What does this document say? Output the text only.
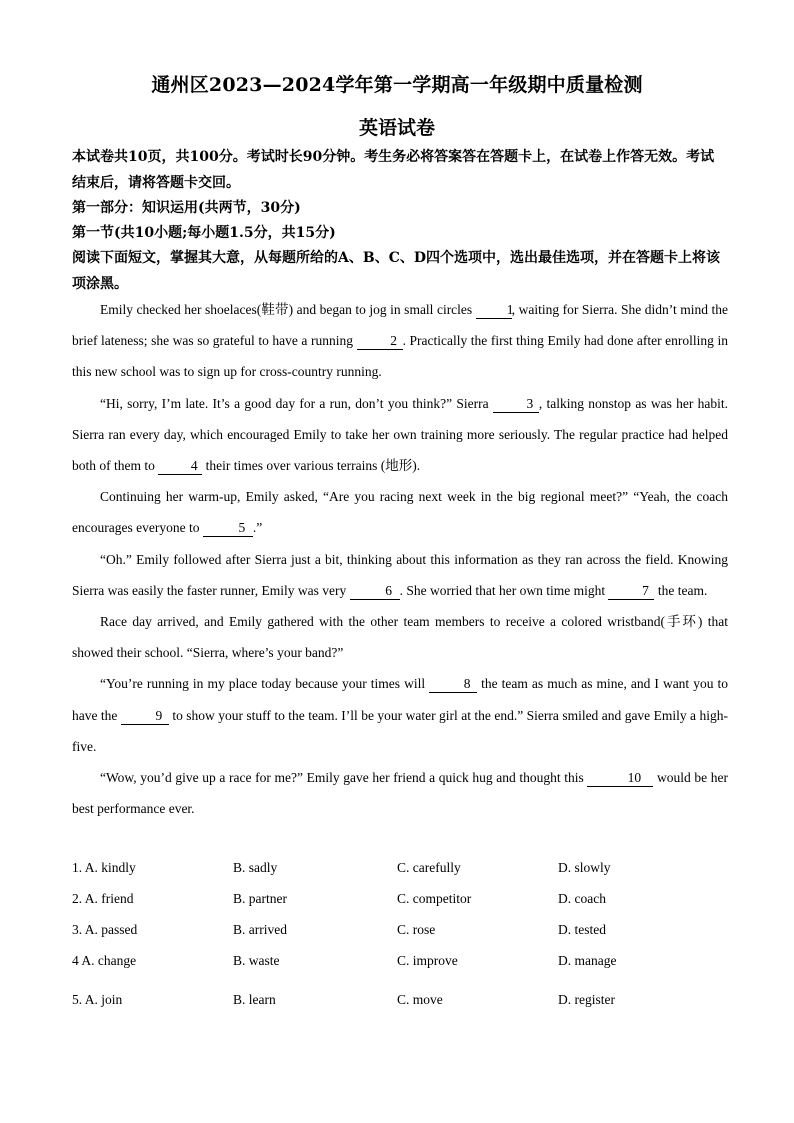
通州区2023—2024学年第一学期高一年级期中质量检测
英语试卷
本试卷共10页，共100分。考试时长90分钟。考生务必将答案答在答题卡上，在试卷上作答无效。考试结束后，请将答题卡交回。
第一部分：知识运用(共两节，30分)
第一节(共10小题;每小题1.5分，共15分)
阅读下面短文，掌握其大意，从每题所给的A、B、C、D四个选项中，选出最佳选项，并在答题卡上将该项涂黑。

Emily checked her shoelaces(鞋带) and began to jog in small circles 1, waiting for Sierra. She didn’t mind the brief lateness; she was so grateful to have a running 2 . Practically the first thing Emily had done after enrolling in this new school was to sign up for cross-country running.

“Hi, sorry, I’m late. It’s a good day for a run, don’t you think?” Sierra 3 , talking nonstop as was her habit. Sierra ran every day, which encouraged Emily to take her own training more seriously. The regular practice had helped both of them to 4 their times over various terrains (地形).

Continuing her warm-up, Emily asked, “Are you racing next week in the big regional meet?” “Yeah, the coach encourages everyone to	5 .”

“Oh.” Emily followed after Sierra just a bit, thinking about this information as they ran across the field. Knowing Sierra was easily the faster runner, Emily was very	6 . She worried that her own time might 7 the team.

Race day arrived, and Emily gathered with the other team members to receive a colored wristband(手环) that showed their school. “Sierra, where’s your band?”

“You’re running in my place today because your times will	8 the team as much as mine, and I want you to have the	9 to show your stuff to the team. I’ll be your water girl at the end.” Sierra smiled and gave Emily a high-five.

“Wow, you’d give up a race for me?” Emily gave her friend a quick hug and thought this	10 would be her best performance ever.

1. A. kindly	B. sadly	C. carefully	D. slowly
2. A. friend	B. partner	C. competitor	D. coach
3. A. passed	B. arrived	C. rose	D. tested
4 A. change	B. waste	C. improve	D. manage
5. A. join	B. learn	C. move	D. register
